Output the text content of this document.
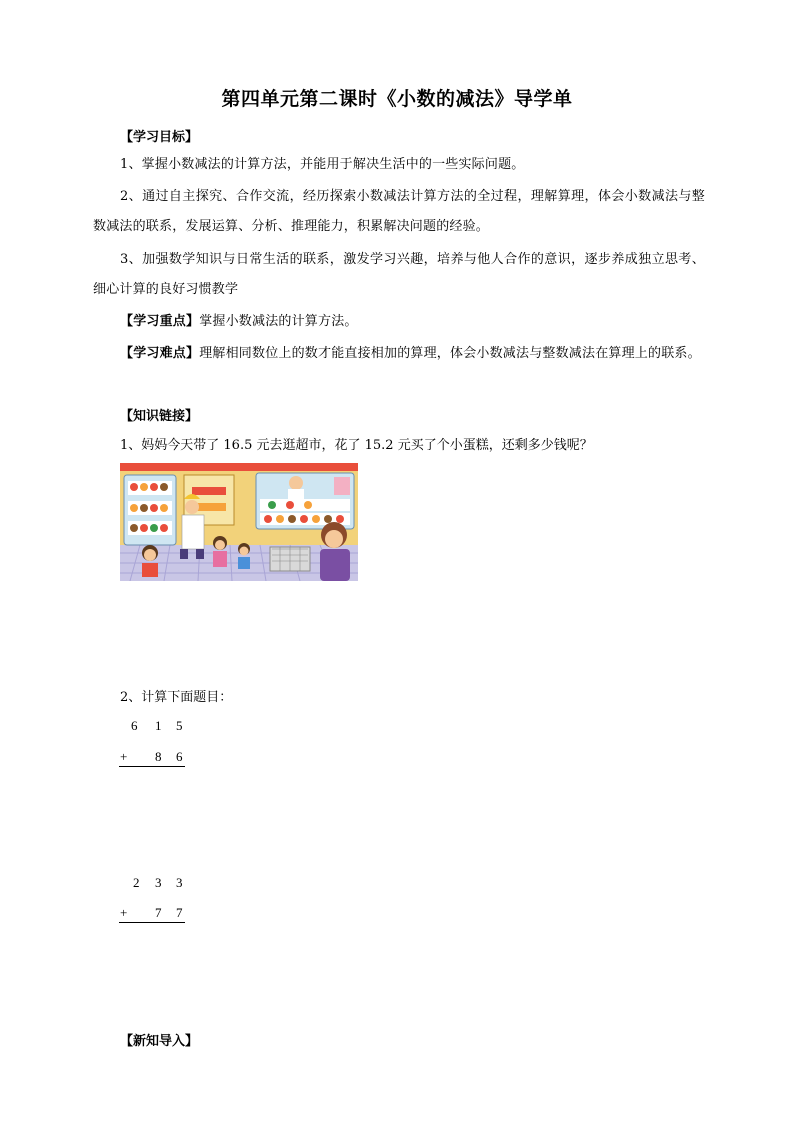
第四单元第二课时《小数的减法》导学单
【学习目标】
1、掌握小数减法的计算方法，并能用于解决生活中的一些实际问题。
2、通过自主探究、合作交流，经历探索小数减法计算方法的全过程，理解算理，体会小数减法与整数减法的联系，发展运算、分析、推理能力，积累解决问题的经验。
3、加强数学知识与日常生活的联系，激发学习兴趣，培养与他人合作的意识，逐步养成独立思考、细心计算的良好习惯教学
【学习重点】掌握小数减法的计算方法。
【学习难点】理解相同数位上的数才能直接相加的算理，体会小数减法与整数减法在算理上的联系。
【知识链接】
1、妈妈今天带了 16.5 元去逛超市，花了 15.2 元买了个小蛋糕，还剩多少钱呢？
2、计算下面题目：
6 1 5
+ 8 6
2 3 3
+ 7 7
【新知导入】
